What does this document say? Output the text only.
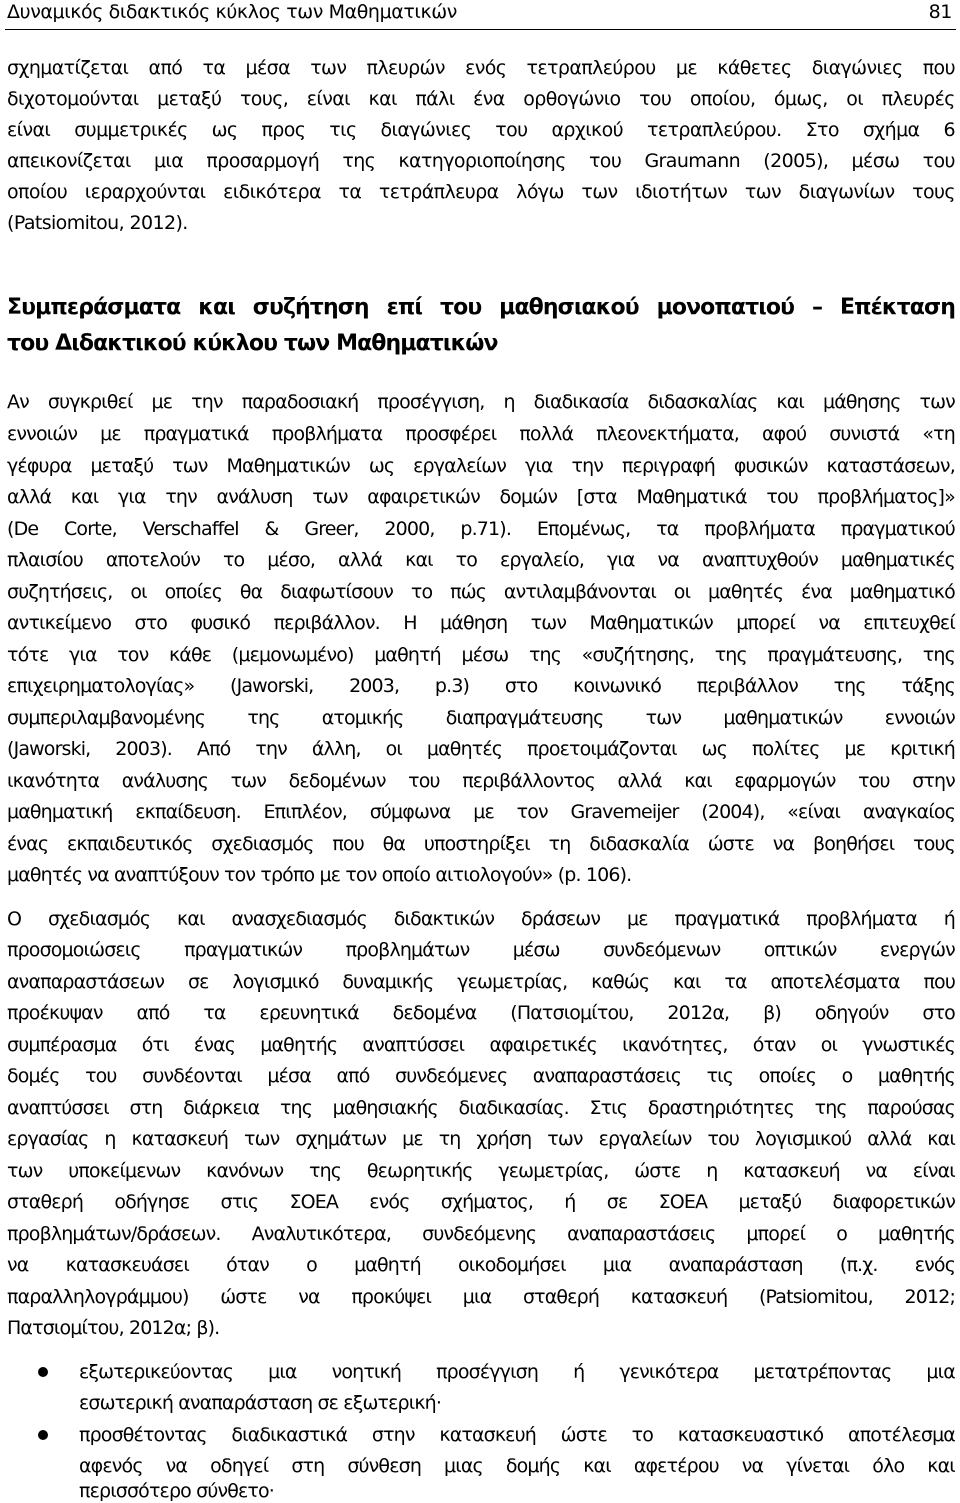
Δυναμικός διδακτικός κύκλος των Μαθηματικών	81
σχηματίζεται από τα μέσα των πλευρών ενός τετραπλεύρου με κάθετες διαγώνιες που
διχοτομούνται μεταξύ τους, είναι και πάλι ένα ορθογώνιο του οποίου, όμως, οι πλευρές
είναι συμμετρικές ως προς τις διαγώνιες του αρχικού τετραπλεύρου. Στο σχήμα 6
απεικονίζεται μια προσαρμογή της κατηγοριοποίησης του Graumann (2005), μέσω του
οποίου ιεραρχούνται ειδικότερα τα τετράπλευρα λόγω των ιδιοτήτων των διαγωνίων τους
(Patsiomitou, 2012).
Συμπεράσματα και συζήτηση επί του μαθησιακού μονοπατιού – Επέκταση
του Διδακτικού κύκλου των Μαθηματικών
Αν συγκριθεί με την παραδοσιακή προσέγγιση, η διαδικασία διδασκαλίας και μάθησης των
εννοιών με πραγματικά προβλήματα προσφέρει πολλά πλεονεκτήματα, αφού συνιστά «τη
γέφυρα μεταξύ των Μαθηματικών ως εργαλείων για την περιγραφή φυσικών καταστάσεων,
αλλά και για την ανάλυση των αφαιρετικών δομών [στα Μαθηματικά του προβλήματος]»
(De Corte, Verschaffel & Greer, 2000, p.71). Επομένως, τα προβλήματα πραγματικού
πλαισίου αποτελούν το μέσο, αλλά και το εργαλείο, για να αναπτυχθούν μαθηματικές
συζητήσεις, οι οποίες θα διαφωτίσουν το πώς αντιλαμβάνονται οι μαθητές ένα μαθηματικό
αντικείμενο στο φυσικό περιβάλλον. Η μάθηση των Μαθηματικών μπορεί να επιτευχθεί
τότε για τον κάθε (μεμονωμένο) μαθητή μέσω της «συζήτησης, της πραγμάτευσης, της
επιχειρηματολογίας» (Jaworski, 2003, p.3) στο κοινωνικό περιβάλλον της τάξης
συμπεριλαμβανομένης της ατομικής διαπραγμάτευσης των μαθηματικών εννοιών
(Jaworski, 2003). Από την άλλη, οι μαθητές προετοιμάζονται ως πολίτες με κριτική
ικανότητα ανάλυσης των δεδομένων του περιβάλλοντος αλλά και εφαρμογών του στην
μαθηματική εκπαίδευση. Επιπλέον, σύμφωνα με τον Gravemeijer (2004), «είναι αναγκαίος
ένας εκπαιδευτικός σχεδιασμός που θα υποστηρίξει τη διδασκαλία ώστε να βοηθήσει τους
μαθητές να αναπτύξουν τον τρόπο με τον οποίο αιτιολογούν» (p. 106).
Ο σχεδιασμός και ανασχεδιασμός διδακτικών δράσεων με πραγματικά προβλήματα ή
προσομοιώσεις πραγματικών προβλημάτων μέσω συνδεόμενων οπτικών ενεργών
αναπαραστάσεων σε λογισμικό δυναμικής γεωμετρίας, καθώς και τα αποτελέσματα που
προέκυψαν από τα ερευνητικά δεδομένα (Πατσιομίτου, 2012α, β) οδηγούν στο
συμπέρασμα ότι ένας μαθητής αναπτύσσει αφαιρετικές ικανότητες, όταν οι γνωστικές
δομές του συνδέονται μέσα από συνδεόμενες αναπαραστάσεις τις οποίες ο μαθητής
αναπτύσσει στη διάρκεια της μαθησιακής διαδικασίας. Στις δραστηριότητες της παρούσας
εργασίας η κατασκευή των σχημάτων με τη χρήση των εργαλείων του λογισμικού αλλά και
των υποκείμενων κανόνων της θεωρητικής γεωμετρίας, ώστε η κατασκευή να είναι
σταθερή οδήγησε στις ΣΟΕΑ ενός σχήματος, ή σε ΣΟΕΑ μεταξύ διαφορετικών
προβλημάτων/δράσεων. Αναλυτικότερα, συνδεόμενης αναπαραστάσεις μπορεί ο μαθητής
να κατασκευάσει όταν ο μαθητή οικοδομήσει μια αναπαράσταση (π.χ. ενός
παραλληλογράμμου) ώστε να προκύψει μια σταθερή κατασκευή (Patsiomitou, 2012;
Πατσιομίτου, 2012α; β).
εξωτερικεύοντας μια νοητική προσέγγιση ή γενικότερα μετατρέποντας μια
εσωτερική αναπαράσταση σε εξωτερική·
προσθέτοντας διαδικαστικά στην κατασκευή ώστε το κατασκευαστικό αποτέλεσμα
αφενός να οδηγεί στη σύνθεση μιας δομής και αφετέρου να γίνεται όλο και
περισσότερο σύνθετο·
